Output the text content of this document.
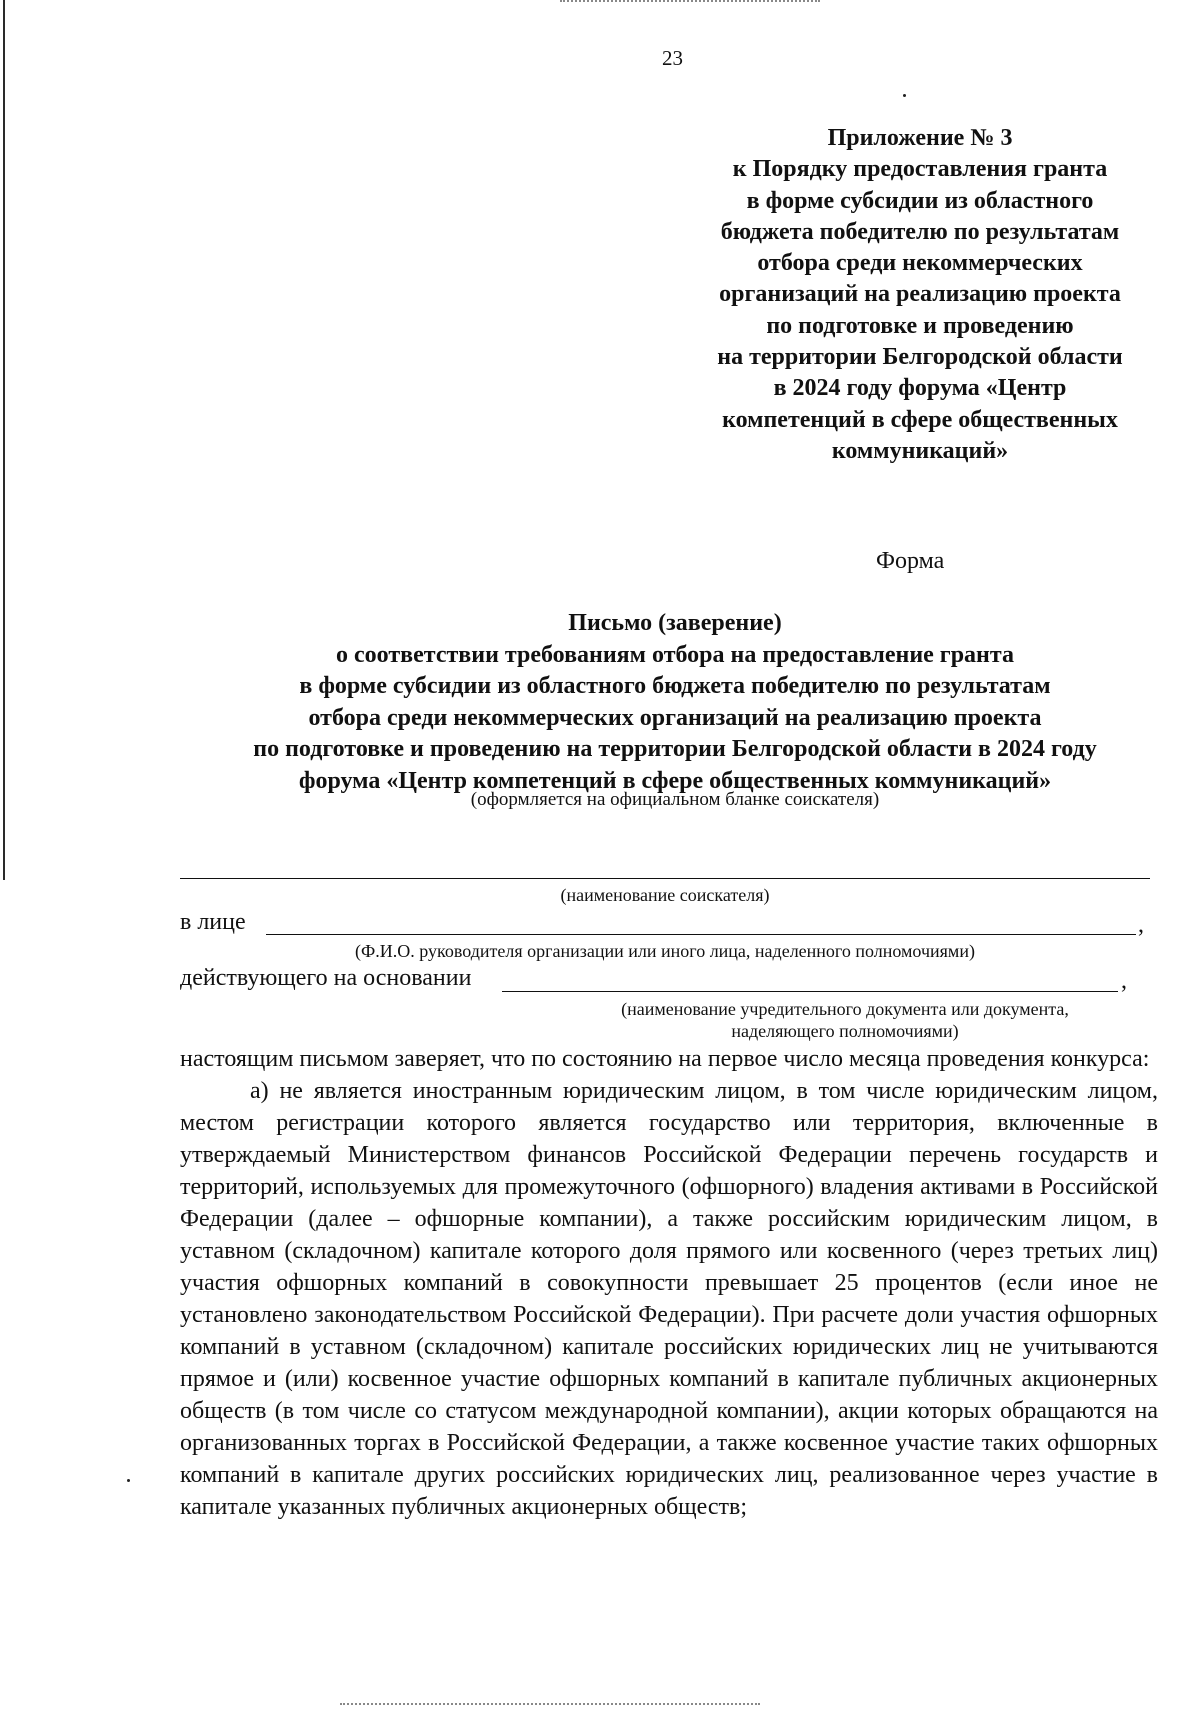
23
Приложение № 3
к Порядку предоставления гранта
в форме субсидии из областного
бюджета победителю по результатам
отбора среди некоммерческих
организаций на реализацию проекта
по подготовке и проведению
на территории Белгородской области
в 2024 году форума «Центр
компетенций в сфере общественных
коммуникаций»
Форма
Письмо (заверение)
о соответствии требованиям отбора на предоставление гранта
в форме субсидии из областного бюджета победителю по результатам
отбора среди некоммерческих организаций на реализацию проекта
по подготовке и проведению на территории Белгородской области в 2024 году
форума «Центр компетенций в сфере общественных коммуникаций»
(оформляется на официальном бланке соискателя)
(наименование соискателя)
в лице	,
(Ф.И.О. руководителя организации или иного лица, наделенного полномочиями)
действующего на основании	,
(наименование учредительного документа или документа,
наделяющего полномочиями)

настоящим письмом заверяет, что по состоянию на первое число месяца проведения конкурса:

а) не является иностранным юридическим лицом, в том числе юридическим лицом, местом регистрации которого является государство или территория, включенные в утверждаемый Министерством финансов Российской Федерации перечень государств и территорий, используемых для промежуточного (офшорного) владения активами в Российской Федерации (далее – офшорные компании), а также российским юридическим лицом, в уставном (складочном) капитале которого доля прямого или косвенного (через третьих лиц) участия офшорных компаний в совокупности превышает 25 процентов (если иное не установлено законодательством Российской Федерации). При расчете доли участия офшорных компаний в уставном (складочном) капитале российских юридических лиц не учитываются прямое и (или) косвенное участие офшорных компаний в капитале публичных акционерных обществ (в том числе со статусом международной компании), акции которых обращаются на организованных торгах в Российской Федерации, а также косвенное участие таких офшорных компаний в капитале других российских юридических лиц, реализованное через участие в капитале указанных публичных акционерных обществ;
